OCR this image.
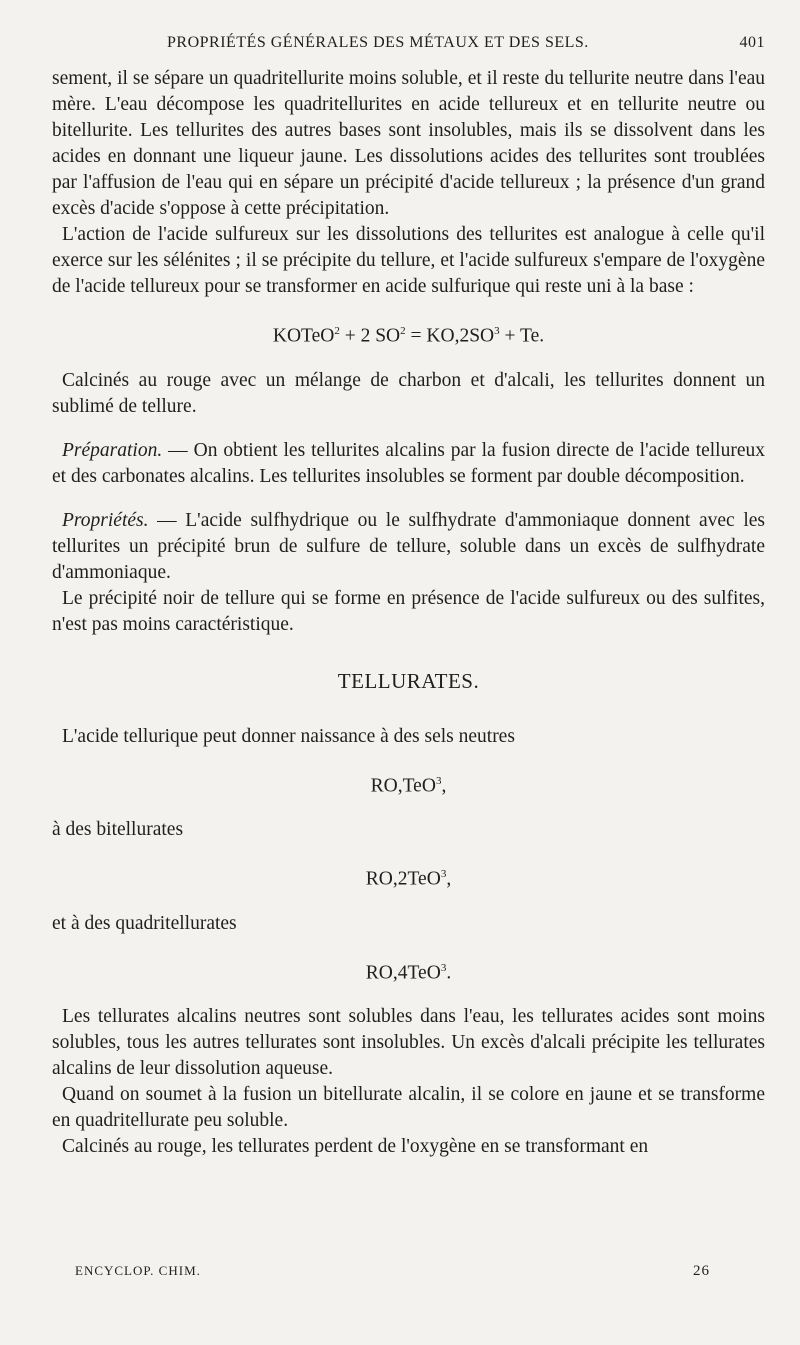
PROPRIÉTÉS GÉNÉRALES DES MÉTAUX ET DES SELS.	401

sement, il se sépare un quadritellurite moins soluble, et il reste du tellurite neutre dans l'eau mère. L'eau décompose les quadritellurites en acide tellureux et en tellurite neutre ou bitellurite. Les tellurites des autres bases sont insolubles, mais ils se dissolvent dans les acides en donnant une liqueur jaune. Les dissolutions acides des tellurites sont troublées par l'affusion de l'eau qui en sépare un précipité d'acide tellureux ; la présence d'un grand excès d'acide s'oppose à cette précipitation.

L'action de l'acide sulfureux sur les dissolutions des tellurites est analogue à celle qu'il exerce sur les sélénites ; il se précipite du tellure, et l'acide sulfureux s'empare de l'oxygène de l'acide tellureux pour se transformer en acide sulfurique qui reste uni à la base :

KOTeO$^2$ + 2 $SO^2 = KO,2SO^3 + Te$.

Calcinés au rouge avec un mélange de charbon et d'alcali, les tellurites donnent un sublimé de tellure.

Préparation. — On obtient les tellurites alcalins par la fusion directe de l'acide tellureux et des carbonates alcalins. Les tellurites insolubles se forment par double décomposition.

Propriétés. — L'acide sulfhydrique ou le sulfhydrate d'ammoniaque donnent avec les tellurites un précipité brun de sulfure de tellure, soluble dans un excès de sulfhydrate d'ammoniaque.

Le précipité noir de tellure qui se forme en présence de l'acide sulfureux ou des sulfites, n'est pas moins caractéristique.

TELLURATES.

L'acide tellurique peut donner naissance à des sels neutres

RO,TeO$^3$,

à des bitellurates

RO,2TeO$^3$,

et à des quadritellurates

RO,4TeO$^3$.

Les tellurates alcalins neutres sont solubles dans l'eau, les tellurates acides sont moins solubles, tous les autres tellurates sont insolubles. Un excès d'alcali précipite les tellurates alcalins de leur dissolution aqueuse.

Quand on soumet à la fusion un bitellurate alcalin, il se colore en jaune et se transforme en quadritellurate peu soluble.

Calcinés au rouge, les tellurates perdent de l'oxygène en se transformant en

ENCYCLOP. CHIM.	26
